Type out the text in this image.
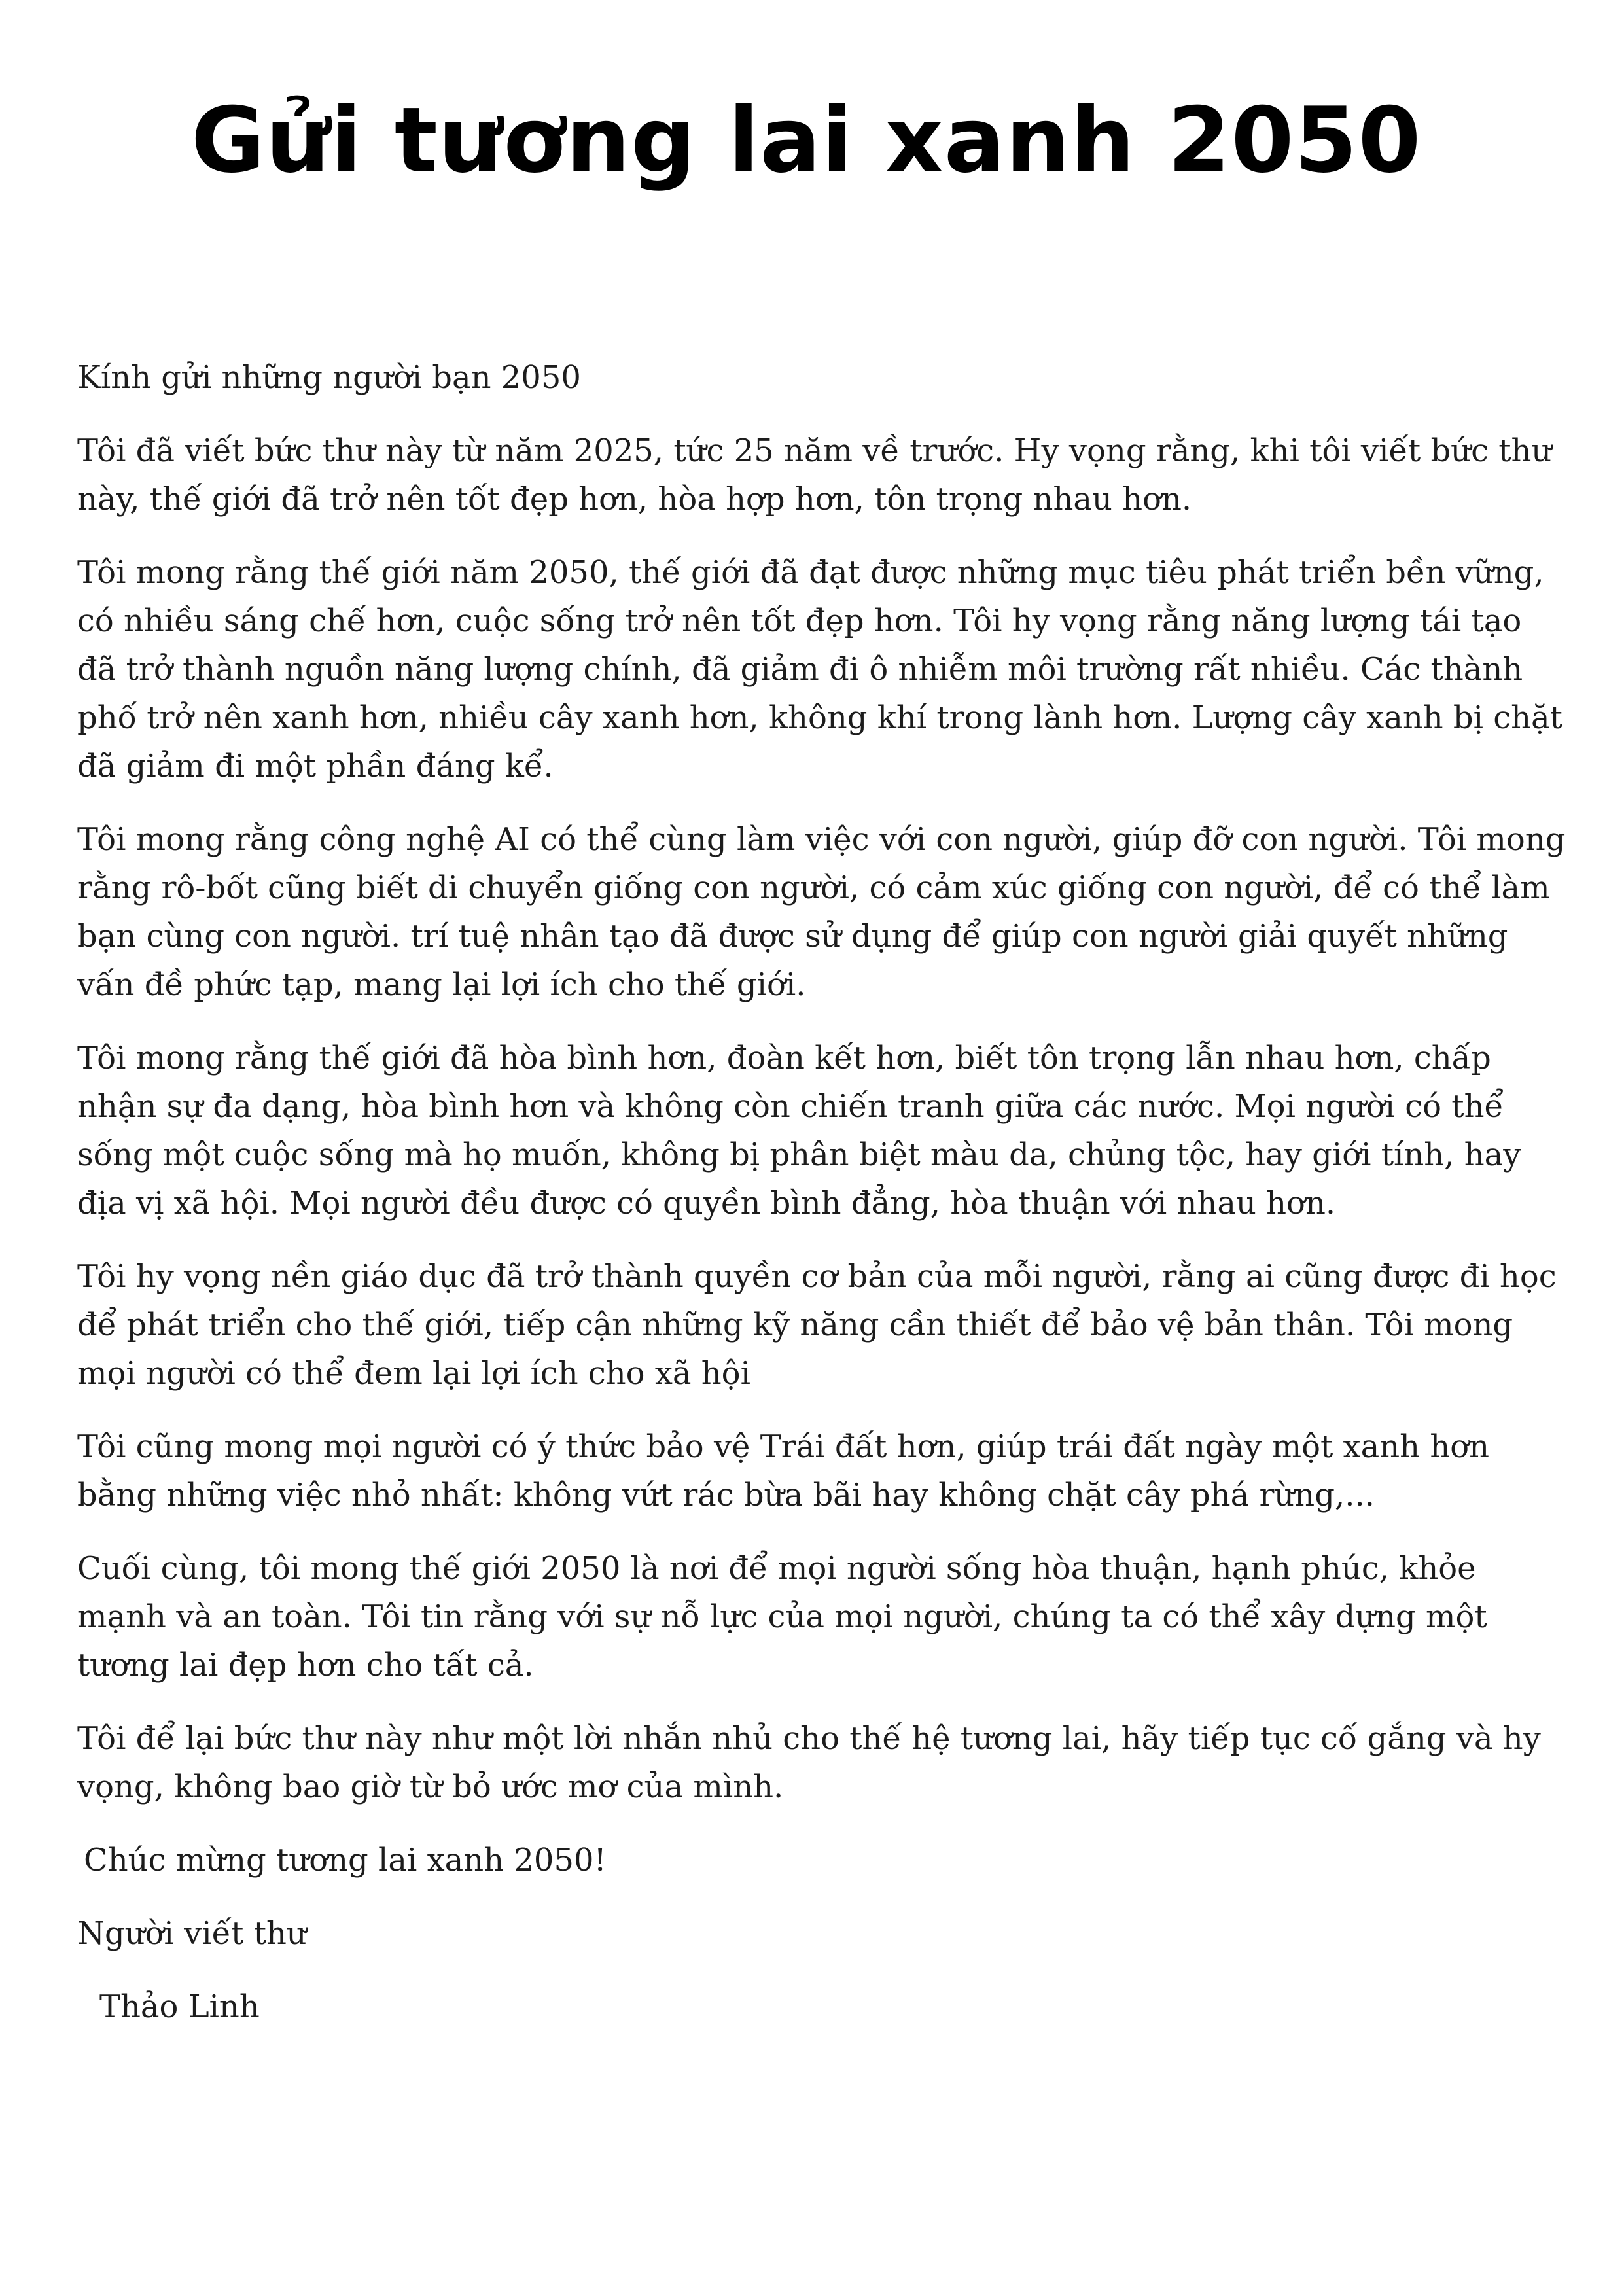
Gửi tương lai xanh 2050

Kính gửi những người bạn 2050

Tôi đã viết bức thư này từ năm 2025, tức 25 năm về trước. Hy vọng rằng, khi tôi viết bức thư này, thế giới đã trở nên tốt đẹp hơn, hòa hợp hơn, tôn trọng nhau hơn.

Tôi mong rằng thế giới năm 2050, thế giới đã đạt được những mục tiêu phát triển bền vững, có nhiều sáng chế hơn, cuộc sống trở nên tốt đẹp hơn. Tôi hy vọng rằng năng lượng tái tạo đã trở thành nguồn năng lượng chính, đã giảm đi ô nhiễm môi trường rất nhiều. Các thành phố trở nên xanh hơn, nhiều cây xanh hơn, không khí trong lành hơn. Lượng cây xanh bị chặt đã giảm đi một phần đáng kể.

Tôi mong rằng công nghệ AI có thể cùng làm việc với con người, giúp đỡ con người. Tôi mong rằng rô-bốt cũng biết di chuyển giống con người, có cảm xúc giống con người, để có thể làm bạn cùng con người. trí tuệ nhân tạo đã được sử dụng để giúp con người giải quyết những vấn đề phức tạp, mang lại lợi ích cho thế giới.

Tôi mong rằng thế giới đã hòa bình hơn, đoàn kết hơn, biết tôn trọng lẫn nhau hơn, chấp nhận sự đa dạng, hòa bình hơn và không còn chiến tranh giữa các nước. Mọi người có thể sống một cuộc sống mà họ muốn, không bị phân biệt màu da, chủng tộc, hay giới tính, hay địa vị xã hội. Mọi người đều được có quyền bình đẳng, hòa thuận với nhau hơn.

Tôi hy vọng nền giáo dục đã trở thành quyền cơ bản của mỗi người, rằng ai cũng được đi học để phát triển cho thế giới, tiếp cận những kỹ năng cần thiết để bảo vệ bản thân. Tôi mong mọi người có thể đem lại lợi ích cho xã hội

Tôi cũng mong mọi người có ý thức bảo vệ Trái đất hơn, giúp trái đất ngày một xanh hơn bằng những việc nhỏ nhất: không vứt rác bừa bãi hay không chặt cây phá rừng,...

Cuối cùng, tôi mong thế giới 2050 là nơi để mọi người sống hòa thuận, hạnh phúc, khỏe mạnh và an toàn. Tôi tin rằng với sự nỗ lực của mọi người, chúng ta có thể xây dựng một tương lai đẹp hơn cho tất cả.

Tôi để lại bức thư này như một lời nhắn nhủ cho thế hệ tương lai, hãy tiếp tục cố gắng và hy vọng, không bao giờ từ bỏ ước mơ của mình.

Chúc mừng tương lai xanh 2050!

Người viết thư

Thảo Linh
